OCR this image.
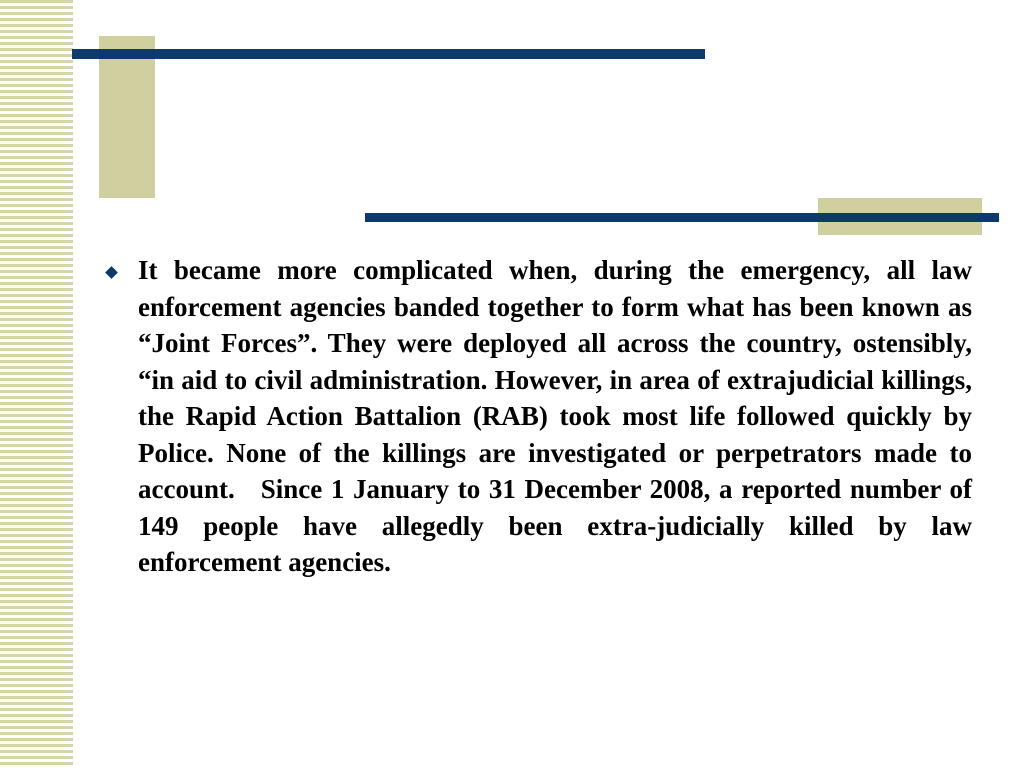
It became more complicated when, during the emergency, all law enforcement agencies banded together to form what has been known as “Joint Forces”. They were deployed all across the country, ostensibly, “in aid to civil administration. However, in area of extrajudicial killings, the Rapid Action Battalion (RAB) took most life followed quickly by Police. None of the killings are investigated or perpetrators made to account.   Since 1 January to 31 December 2008, a reported number of 149 people have allegedly been extra-judicially killed by law enforcement agencies.
